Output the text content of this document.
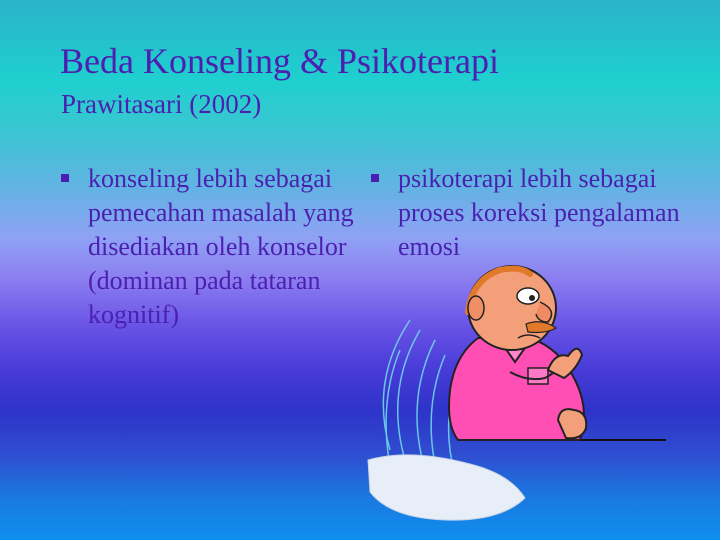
Beda Konseling & Psikoterapi
Prawitasari (2002)
konseling lebih sebagai pemecahan masalah yang disediakan oleh konselor (dominan pada tataran kognitif)
psikoterapi lebih sebagai proses koreksi pengalaman emosi
